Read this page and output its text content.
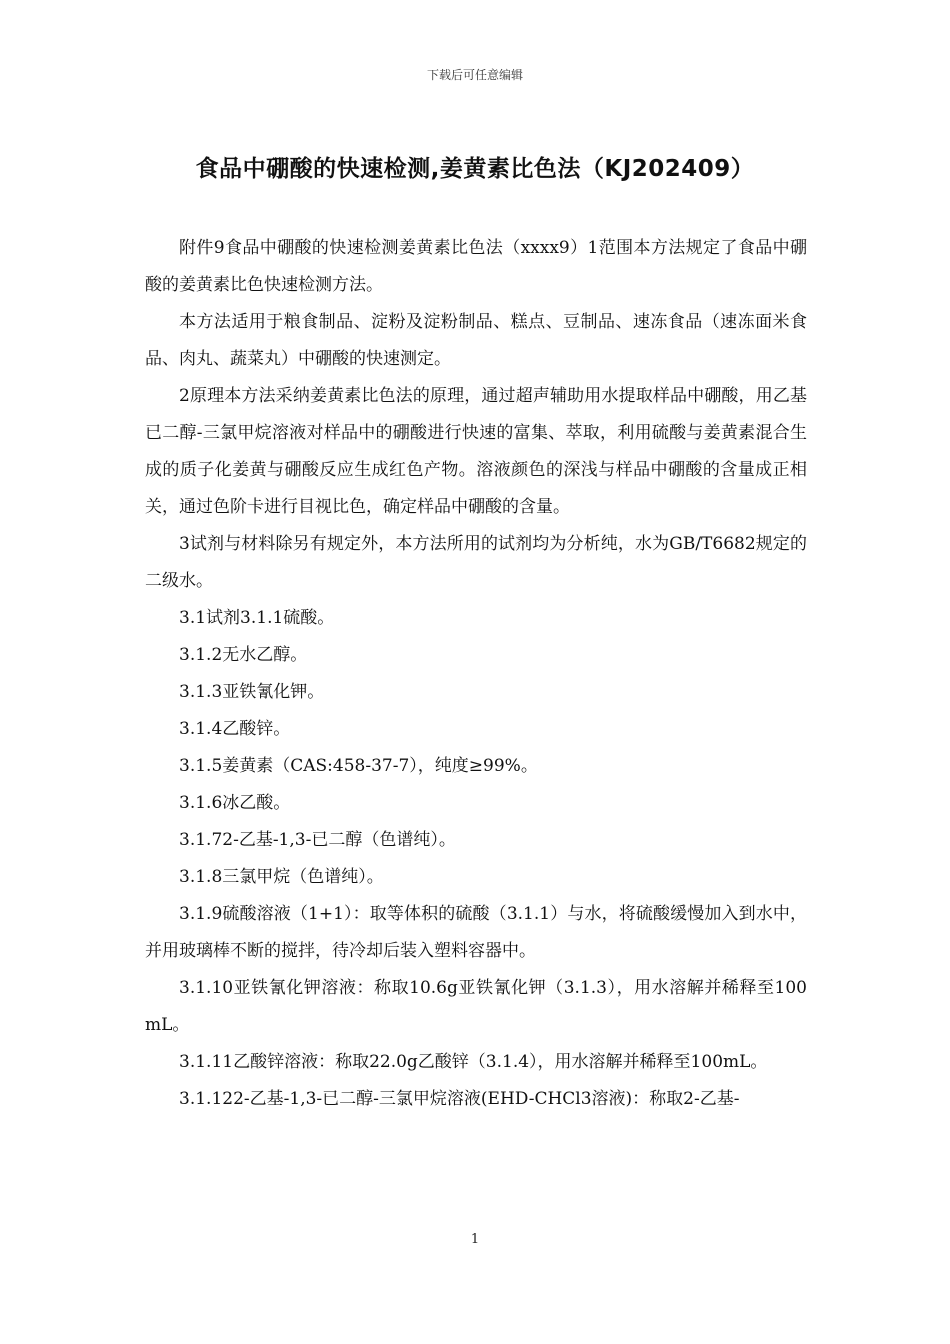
下载后可任意编辑
食品中硼酸的快速检测,姜黄素比色法（KJ202409）

附件9食品中硼酸的快速检测姜黄素比色法（xxxx9）1范围本方法规定了食品中硼酸的姜黄素比色快速检测方法。

本方法适用于粮食制品、淀粉及淀粉制品、糕点、豆制品、速冻食品（速冻面米食品、肉丸、蔬菜丸）中硼酸的快速测定。

2原理本方法采纳姜黄素比色法的原理，通过超声辅助用水提取样品中硼酸，用乙基已二醇-三氯甲烷溶液对样品中的硼酸进行快速的富集、萃取，利用硫酸与姜黄素混合生成的质子化姜黄与硼酸反应生成红色产物。溶液颜色的深浅与样品中硼酸的含量成正相关，通过色阶卡进行目视比色，确定样品中硼酸的含量。

3试剂与材料除另有规定外，本方法所用的试剂均为分析纯，水为GB/T6682规定的二级水。

3.1试剂3.1.1硫酸。

3.1.2无水乙醇。

3.1.3亚铁氰化钾。

3.1.4乙酸锌。

3.1.5姜黄素（CAS:458-37-7），纯度≥99%。

3.1.6冰乙酸。

3.1.72-乙基-1,3-已二醇（色谱纯）。

3.1.8三氯甲烷（色谱纯）。

3.1.9硫酸溶液（1+1）：取等体积的硫酸（3.1.1）与水，将硫酸缓慢加入到水中，并用玻璃棒不断的搅拌，待冷却后装入塑料容器中。

3.1.10亚铁氰化钾溶液：称取10.6g亚铁氰化钾（3.1.3），用水溶解并稀释至100mL。

3.1.11乙酸锌溶液：称取22.0g乙酸锌（3.1.4），用水溶解并稀释至100mL。

3.1.122-乙基-1,3-已二醇-三氯甲烷溶液(EHD-CHCl3溶液)：称取2-乙基-

1
